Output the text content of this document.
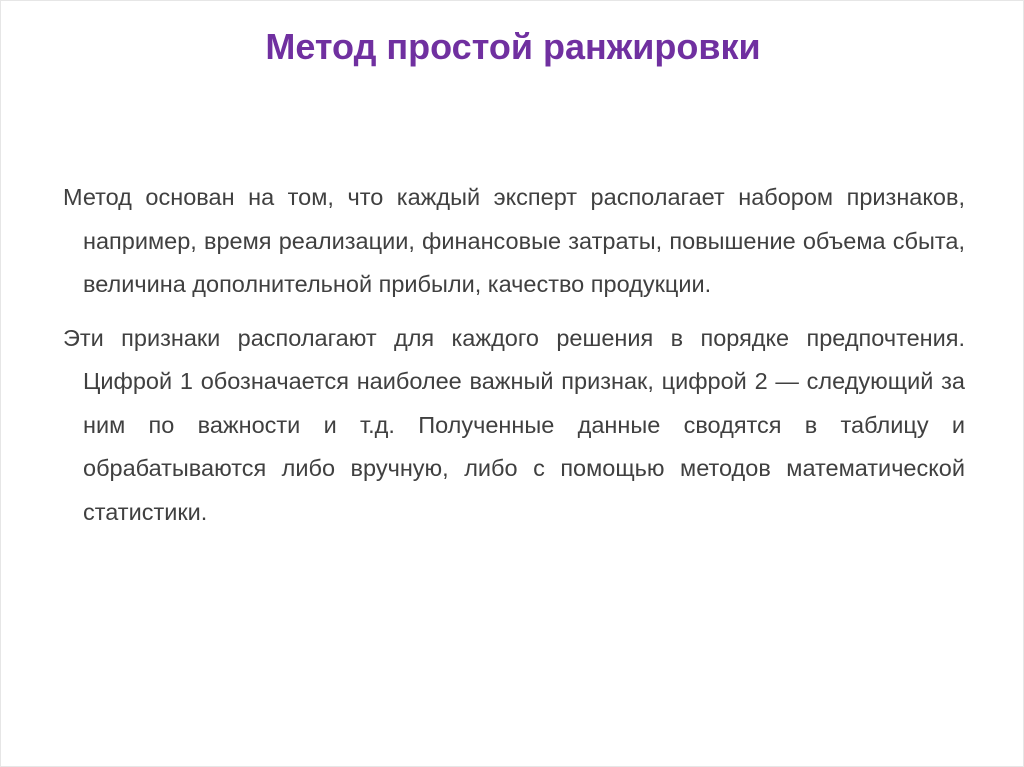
Метод простой ранжировки

Метод основан на том, что каждый эксперт располагает набором признаков, например, время реализации, финансовые затраты, повышение объема сбыта, величина дополнительной прибыли, качество продукции.

Эти признаки располагают для каждого решения в порядке предпочтения. Цифрой 1 обозначается наиболее важный признак, цифрой 2 — следующий за ним по важности и т.д. Полученные данные сводятся в таблицу и обрабатываются либо вручную, либо с помощью методов математической статистики.
